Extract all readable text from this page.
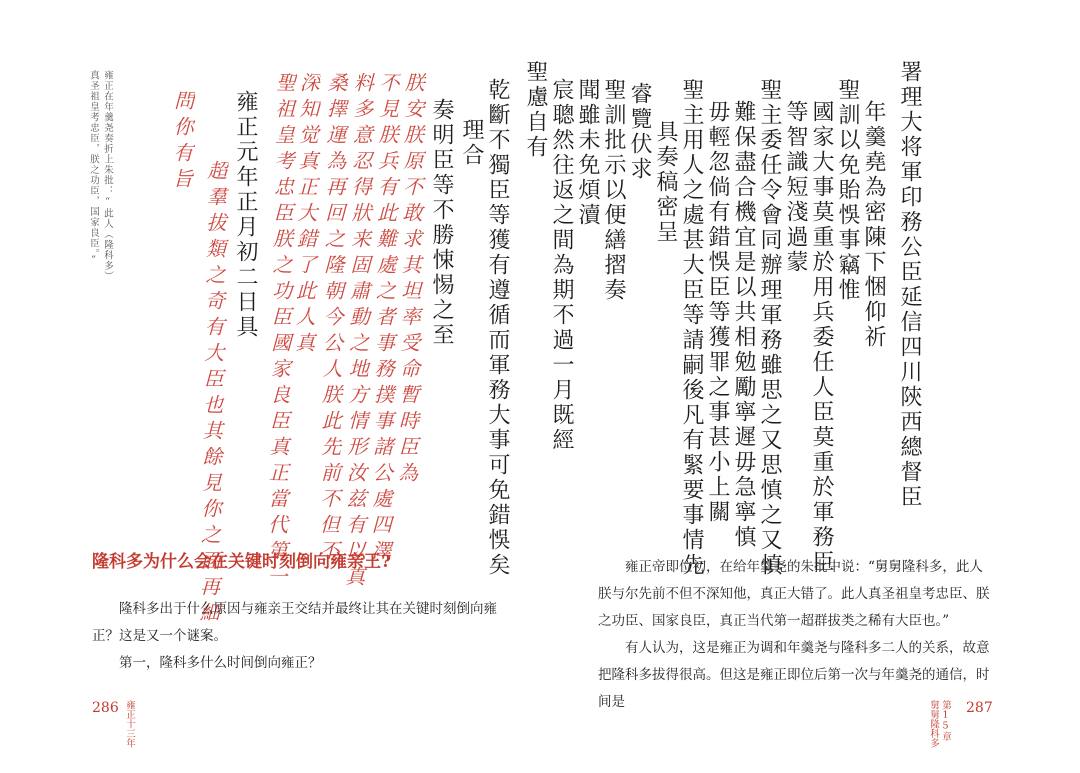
雍正在年羹尧奏折上朱批：“此人（隆科多）
真圣祖皇考忠臣，朕之功臣，国家良臣。”	署理大将軍印務公臣延信四川陝西總督臣
年羹堯為密陳下悃仰祈
聖訓以免貽悞事竊惟
國家大事莫重於用兵委任人臣莫重於軍務臣
等智識短淺過蒙
聖主委任令會同辦理軍務雖思之又思慎之又慎
難保盡合機宜是以共相勉勵寧遲毋急寧慎
毋輕忽倘有錯悞臣等獲罪之事甚小上關
聖主用人之處甚大臣等請嗣後凡有緊要事情先
具奏稿密呈
睿覽伏求
聖訓批示以便繕摺奏
聞雖未免煩瀆
宸聰然往返之間為期不過一月既經
聖慮自有
乾斷不獨臣等獲有遵循而軍務大事可免錯悞矣
理合
奏明臣等不勝悚惕之至
雍正元年正月初二日具	朕安朕原不敢求其坦率受命暫時臣為
不見朕兵有此難處之者事務撲事諸公處四澤
料多意忍得狀来固肅動之地方情形汝兹有以真
桑擇運為再回之隆朝今公人朕此先前不但不
深知觉真正大錯了此人真
聖祖皇考忠臣朕之功臣國家良臣真正當代第一
超羣拔類之奇有大臣也其餘見你之面再細
問你有旨
隆科多为什么会在关键时刻倒向雍亲王?

隆科多出于什么原因与雍亲王交结并最终让其在关键时刻倒向雍正？这是又一个谜案。

第一，隆科多什么时间倒向雍正？

雍正帝即位初，在给年羹尧的朱批中说：“舅舅隆科多，此人朕与尔先前不但不深知他，真正大错了。此人真圣祖皇考忠臣、朕之功臣、国家良臣，真正当代第一超群拔类之稀有大臣也。”

有人认为，这是雍正为调和年羹尧与隆科多二人的关系，故意把隆科多拔得很高。但这是雍正即位后第一次与年羹尧的通信，时间是

286 雍正十三年	第15章
舅舅隆科多 287
